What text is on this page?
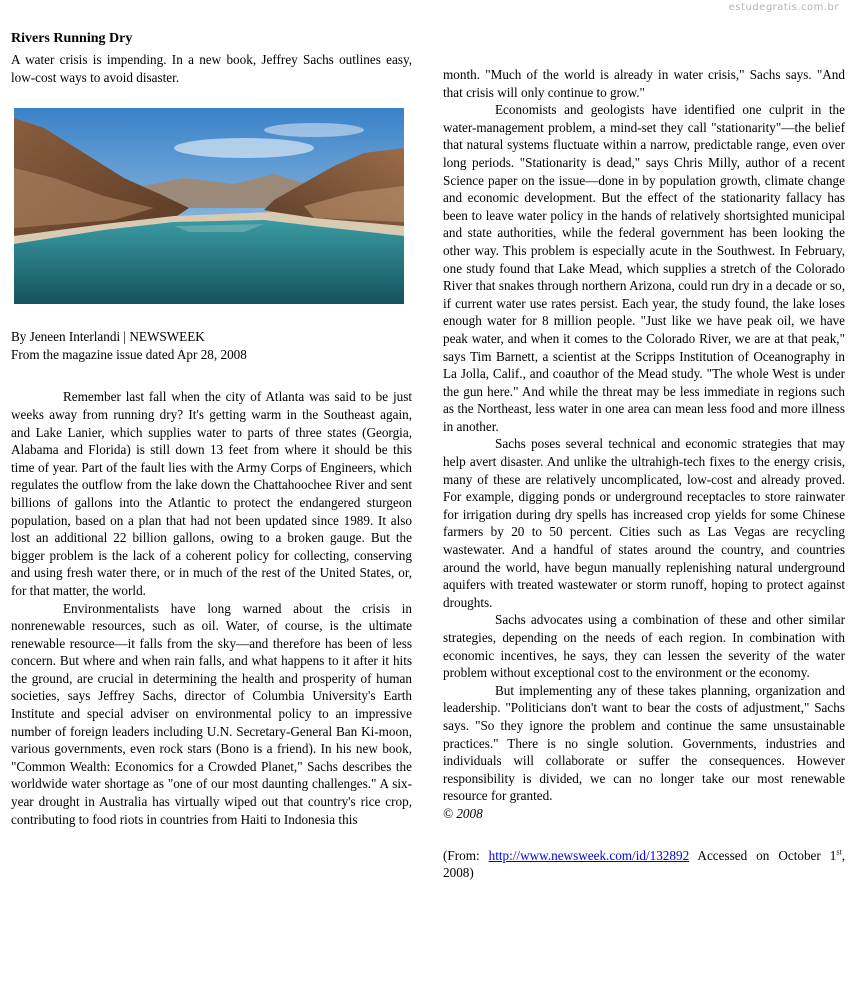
estudegratis.com.br
Rivers Running Dry

A water crisis is impending. In a new book, Jeffrey Sachs outlines easy, low-cost ways to avoid disaster.

By Jeneen Interlandi | NEWSWEEK
From the magazine issue dated Apr 28, 2008

Remember last fall when the city of Atlanta was said to be just weeks away from running dry? It's getting warm in the Southeast again, and Lake Lanier, which supplies water to parts of three states (Georgia, Alabama and Florida) is still down 13 feet from where it should be this time of year. Part of the fault lies with the Army Corps of Engineers, which regulates the outflow from the lake down the Chattahoochee River and sent billions of gallons into the Atlantic to protect the endangered sturgeon population, based on a plan that had not been updated since 1989. It also lost an additional 22 billion gallons, owing to a broken gauge. But the bigger problem is the lack of a coherent policy for collecting, conserving and using fresh water there, or in much of the rest of the United States, or, for that matter, the world.

Environmentalists have long warned about the crisis in nonrenewable resources, such as oil. Water, of course, is the ultimate renewable resource—it falls from the sky—and therefore has been of less concern. But where and when rain falls, and what happens to it after it hits the ground, are crucial in determining the health and prosperity of human societies, says Jeffrey Sachs, director of Columbia University's Earth Institute and special adviser on environmental policy to an impressive number of foreign leaders including U.N. Secretary-General Ban Ki-moon, various governments, even rock stars (Bono is a friend). In his new book, "Common Wealth: Economics for a Crowded Planet," Sachs describes the worldwide water shortage as "one of our most daunting challenges." A six-year drought in Australia has virtually wiped out that country's rice crop, contributing to food riots in countries from Haiti to Indonesia this

month. "Much of the world is already in water crisis," Sachs says. "And that crisis will only continue to grow."

Economists and geologists have identified one culprit in the water-management problem, a mind-set they call "stationarity"—the belief that natural systems fluctuate within a narrow, predictable range, even over long periods. "Stationarity is dead," says Chris Milly, author of a recent Science paper on the issue—done in by population growth, climate change and economic development. But the effect of the stationarity fallacy has been to leave water policy in the hands of relatively shortsighted municipal and state authorities, while the federal government has been looking the other way. This problem is especially acute in the Southwest. In February, one study found that Lake Mead, which supplies a stretch of the Colorado River that snakes through northern Arizona, could run dry in a decade or so, if current water use rates persist. Each year, the study found, the lake loses enough water for 8 million people. "Just like we have peak oil, we have peak water, and when it comes to the Colorado River, we are at that peak," says Tim Barnett, a scientist at the Scripps Institution of Oceanography in La Jolla, Calif., and coauthor of the Mead study. "The whole West is under the gun here." And while the threat may be less immediate in regions such as the Northeast, less water in one area can mean less food and more illness in another.

Sachs poses several technical and economic strategies that may help avert disaster. And unlike the ultrahigh-tech fixes to the energy crisis, many of these are relatively uncomplicated, low-cost and already proved. For example, digging ponds or underground receptacles to store rainwater for irrigation during dry spells has increased crop yields for some Chinese farmers by 20 to 50 percent. Cities such as Las Vegas are recycling wastewater. And a handful of states around the country, and countries around the world, have begun manually replenishing natural underground aquifers with treated wastewater or storm runoff, hoping to protect against droughts.

Sachs advocates using a combination of these and other similar strategies, depending on the needs of each region. In combination with economic incentives, he says, they can lessen the severity of the water problem without exceptional cost to the environment or the economy.

But implementing any of these takes planning, organization and leadership. "Politicians don't want to bear the costs of adjustment," Sachs says. "So they ignore the problem and continue the same unsustainable practices." There is no single solution. Governments, industries and individuals will collaborate or suffer the consequences. However responsibility is divided, we can no longer take our most renewable resource for granted.

© 2008

(From: http://www.newsweek.com/id/132892 Accessed on October 1st, 2008)
